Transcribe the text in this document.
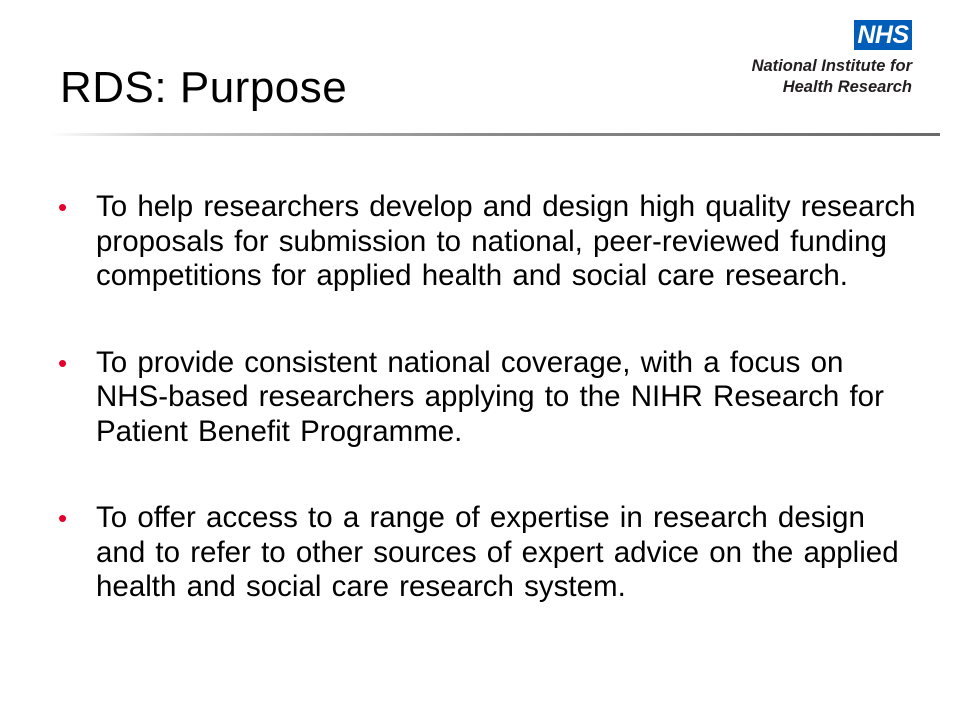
RDS: Purpose
NHS
National Institute for
Health Research
• To help researchers develop and design high quality research proposals for submission to national, peer-reviewed funding competitions for applied health and social care research.
• To provide consistent national coverage, with a focus on NHS-based researchers applying to the NIHR Research for Patient Benefit Programme.
• To offer access to a range of expertise in research design and to refer to other sources of expert advice on the applied health and social care research system.
